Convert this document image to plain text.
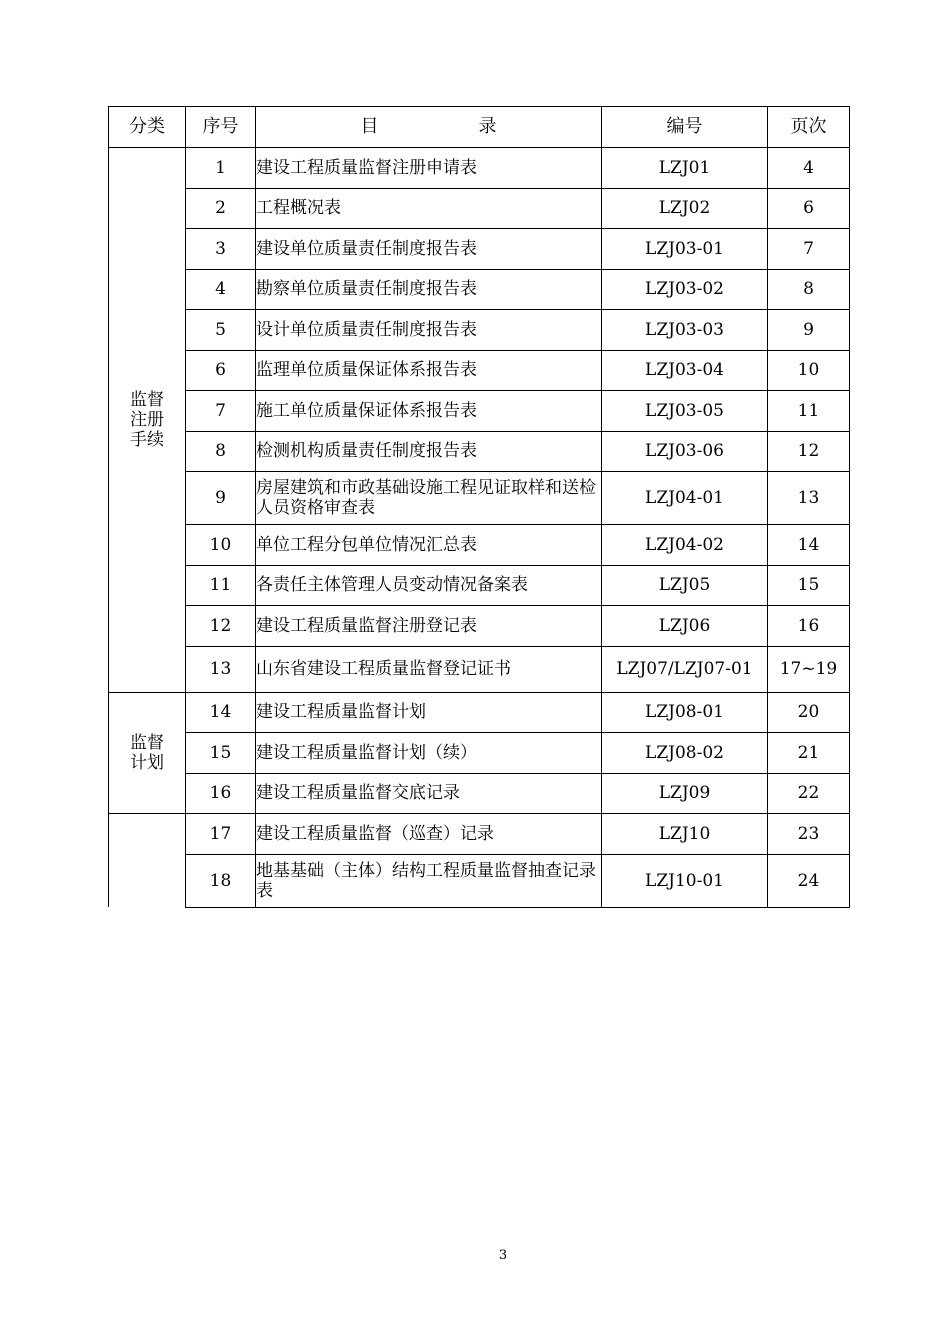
分类	序号	目 录	编号	页次
监督注册手续	1	建设工程质量监督注册申请表	LZJ01	4
	2	工程概况表	LZJ02	6
	3	建设单位质量责任制度报告表	LZJ03-01	7
	4	勘察单位质量责任制度报告表	LZJ03-02	8
	5	设计单位质量责任制度报告表	LZJ03-03	9
	6	监理单位质量保证体系报告表	LZJ03-04	10
	7	施工单位质量保证体系报告表	LZJ03-05	11
	8	检测机构质量责任制度报告表	LZJ03-06	12
	9	房屋建筑和市政基础设施工程见证取样和送检人员资格审查表	LZJ04-01	13
	10	单位工程分包单位情况汇总表	LZJ04-02	14
	11	各责任主体管理人员变动情况备案表	LZJ05	15
	12	建设工程质量监督注册登记表	LZJ06	16
	13	山东省建设工程质量监督登记证书	LZJ07/LZJ07-01	17~19
监督计划	14	建设工程质量监督计划	LZJ08-01	20
	15	建设工程质量监督计划（续）	LZJ08-02	21
	16	建设工程质量监督交底记录	LZJ09	22
	17	建设工程质量监督（巡查）记录	LZJ10	23
	18	地基基础（主体）结构工程质量监督抽查记录表	LZJ10-01	24
3
